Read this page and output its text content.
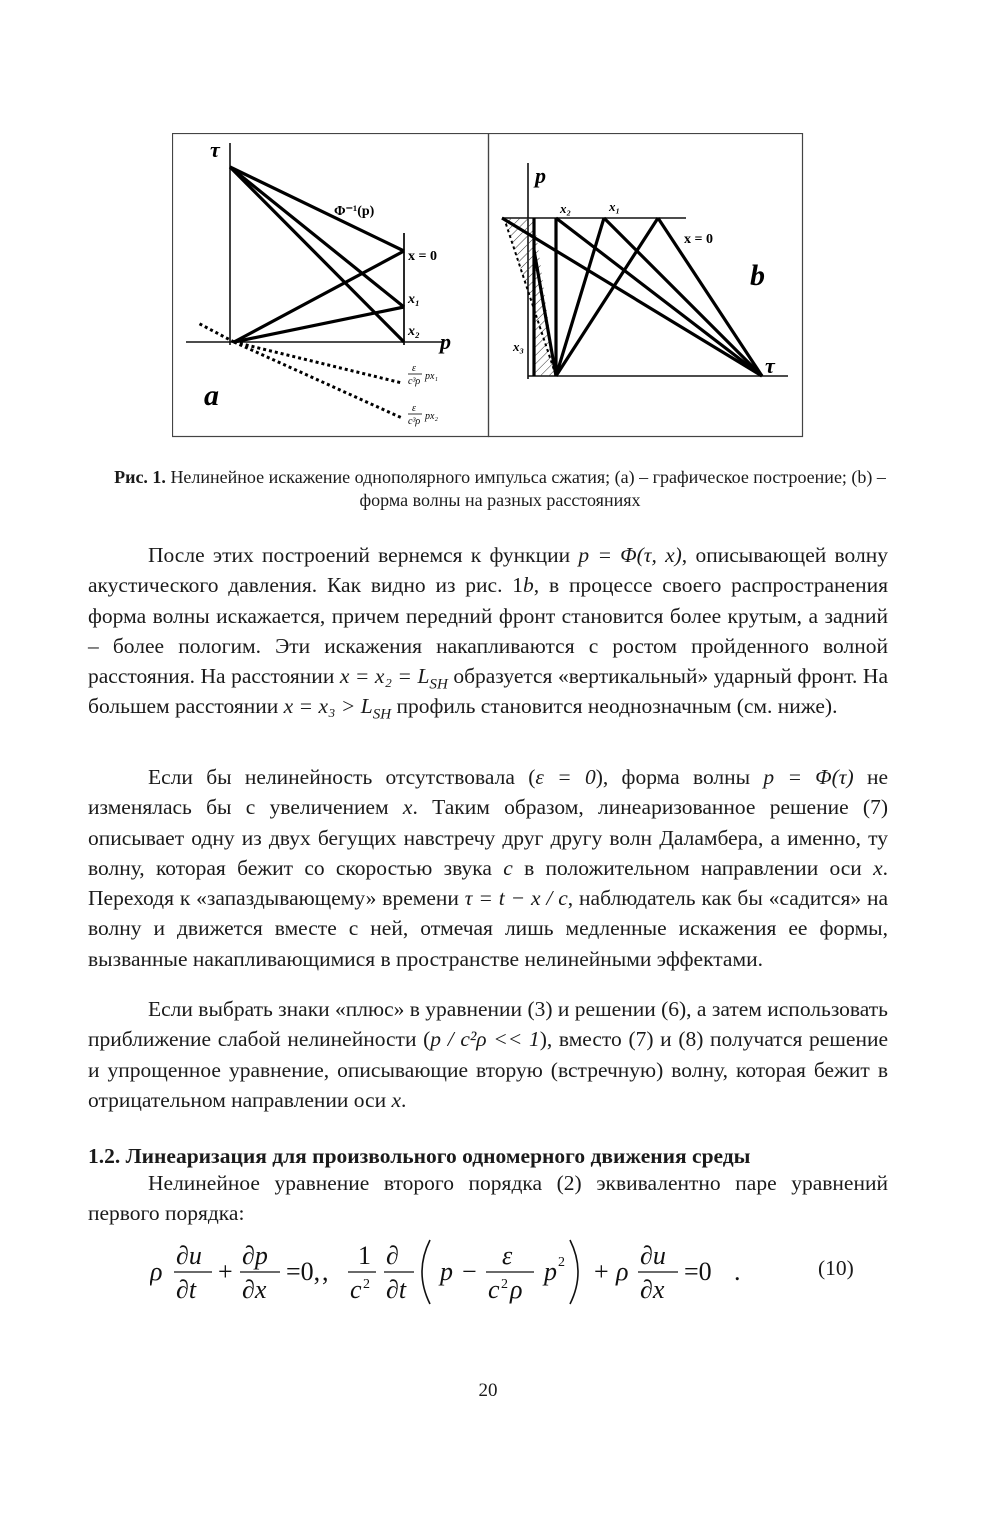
τ
p
Φ⁻¹(p)
x = 0
x₁
x₂
a
ε
c³ρ px₁
ε
c³ρ px₂
p
τ
x₂	x₁
x = 0
x₃
b
Рис. 1. Нелинейное искажение однополярного импульса сжатия; (a) – графическое построение; (b) – форма волны на разных расстояниях

После этих построений вернемся к функции p = Φ(τ, x), описывающей волну акустического давления. Как видно из рис. 1b, в процессе своего распространения форма волны искажается, причем передний фронт становится более крутым, а задний – более пологим. Эти искажения накапливаются с ростом пройденного волной расстояния. На расстоянии $x = x_2 = L_{SH}$ образуется «вертикальный» ударный фронт. На большем расстоянии $x = x_3 > L_{SH}$ профиль становится неоднозначным (см. ниже).

Если бы нелинейность отсутствовала (ε = 0), форма волны p = Φ(τ) не изменялась бы с увеличением x. Таким образом, линеаризованное решение (7) описывает одну из двух бегущих навстречу друг другу волн Даламбера, а именно, ту волну, которая бежит со скоростью звука c в положительном направлении оси x. Переходя к «запаздывающему» времени τ = t − x / c, наблюдатель как бы «садится» на волну и движется вместе с ней, отмечая лишь медленные искажения ее формы, вызванные накапливающимися в пространстве нелинейными эффектами.

Если выбрать знаки «плюс» в уравнении (3) и решении (6), а затем использовать приближение слабой нелинейности (p / c²ρ << 1), вместо (7) и (8) получатся решение и упрощенное уравнение, описывающие вторую (встречную) волну, которая бежит в отрицательном направлении оси x.

1.2. Линеаризация для произвольного одномерного движения среды

Нелинейное уравнение второго порядка (2) эквивалентно паре уравнений первого порядка:

ρ
∂u
∂t
+
∂p
∂x
=0, ,
1
c 2
∂
∂t
p −
ε
c 2 ρ
p 2 + ρ
∂u
∂x
=0 .	(10)
20
